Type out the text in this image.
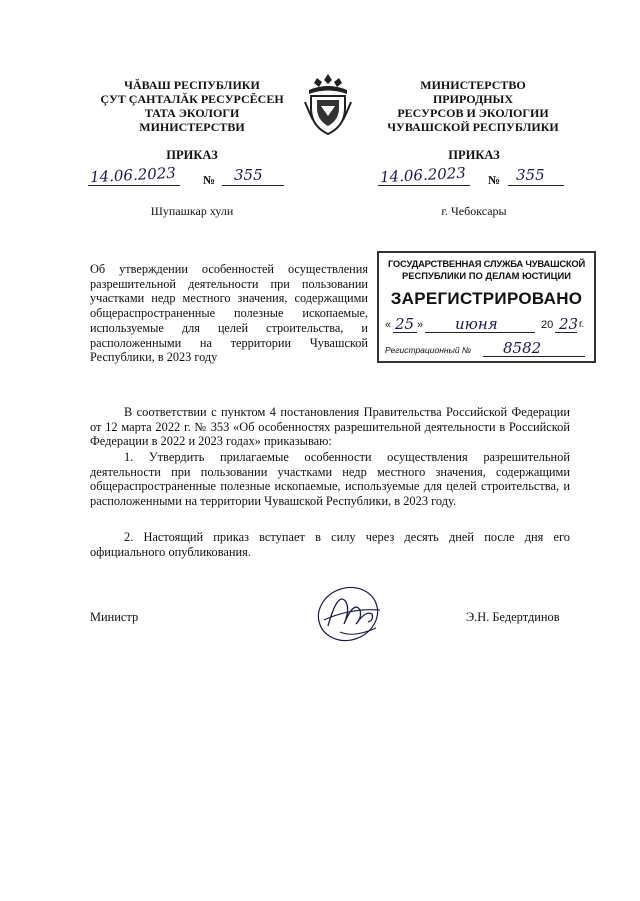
ЧĂВАШ РЕСПУБЛИКИ
ÇУТ ÇАНТАЛĂК РЕСУРСĔСЕН
ТАТА ЭКОЛОГИ
МИНИСТЕРСТВИ
МИНИСТЕРСТВО
ПРИРОДНЫХ
РЕСУРСОВ И ЭКОЛОГИИ
ЧУВАШСКОЙ РЕСПУБЛИКИ
ПРИКАЗ	ПРИКАЗ
14.06.2023 № 355	14.06.2023 № 355
Шупашкар хули	г. Чебоксары
Об утверждении особенностей осуществления разрешительной деятельности при пользовании участками недр местного значения, содержащими общераспространенные полезные ископаемые, используемые для целей строительства, и расположенными на территории Чувашской Республики, в 2023 году
ГОСУДАРСТВЕННАЯ СЛУЖБА ЧУВАШСКОЙ
РЕСПУБЛИКИ ПО ДЕЛАМ ЮСТИЦИИ
ЗАРЕГИСТРИРОВАНО
« 25 » июня	20 23 г.
Регистрационный № 8582
В соответствии с пунктом 4 постановления Правительства Российской Федерации от 12 марта 2022 г. № 353 «Об особенностях разрешительной деятельности в Российской Федерации в 2022 и 2023 годах» приказываю:
1. Утвердить прилагаемые особенности осуществления разрешительной деятельности при пользовании участками недр местного значения, содержащими общераспространенные полезные ископаемые, используемые для целей строительства, и расположенными на территории Чувашской Республики, в 2023 году.
2. Настоящий приказ вступает в силу через десять дней после дня его официального опубликования.
Министр	Э.Н. Бедертдинов
